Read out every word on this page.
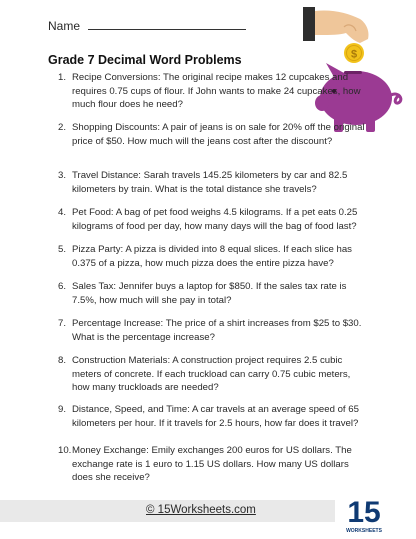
Name
Grade 7 Decimal Word Problems	$
1. Recipe Conversions: The original recipe makes 12 cupcakes and requires 0.75 cups of flour. If John wants to make 24 cupcakes, how much flour does he need?
2. Shopping Discounts: A pair of jeans is on sale for 20% off the original price of $50. How much will the jeans cost after the discount?
3. Travel Distance: Sarah travels 145.25 kilometers by car and 82.5 kilometers by train. What is the total distance she travels?
4. Pet Food: A bag of pet food weighs 4.5 kilograms. If a pet eats 0.25 kilograms of food per day, how many days will the bag of food last?
5. Pizza Party: A pizza is divided into 8 equal slices. If each slice has 0.375 of a pizza, how much pizza does the entire pizza have?
6. Sales Tax: Jennifer buys a laptop for $850. If the sales tax rate is 7.5%, how much will she pay in total?
7. Percentage Increase: The price of a shirt increases from $25 to $30. What is the percentage increase?
8. Construction Materials: A construction project requires 2.5 cubic meters of concrete. If each truckload can carry 0.75 cubic meters, how many truckloads are needed?
9. Distance, Speed, and Time: A car travels at an average speed of 65 kilometers per hour. If it travels for 2.5 hours, how far does it travel?
10. Money Exchange: Emily exchanges 200 euros for US dollars. The exchange rate is 1 euro to 1.15 US dollars. How many US dollars does she receive?
© 15Worksheets.com	15
WORKSHEETS
